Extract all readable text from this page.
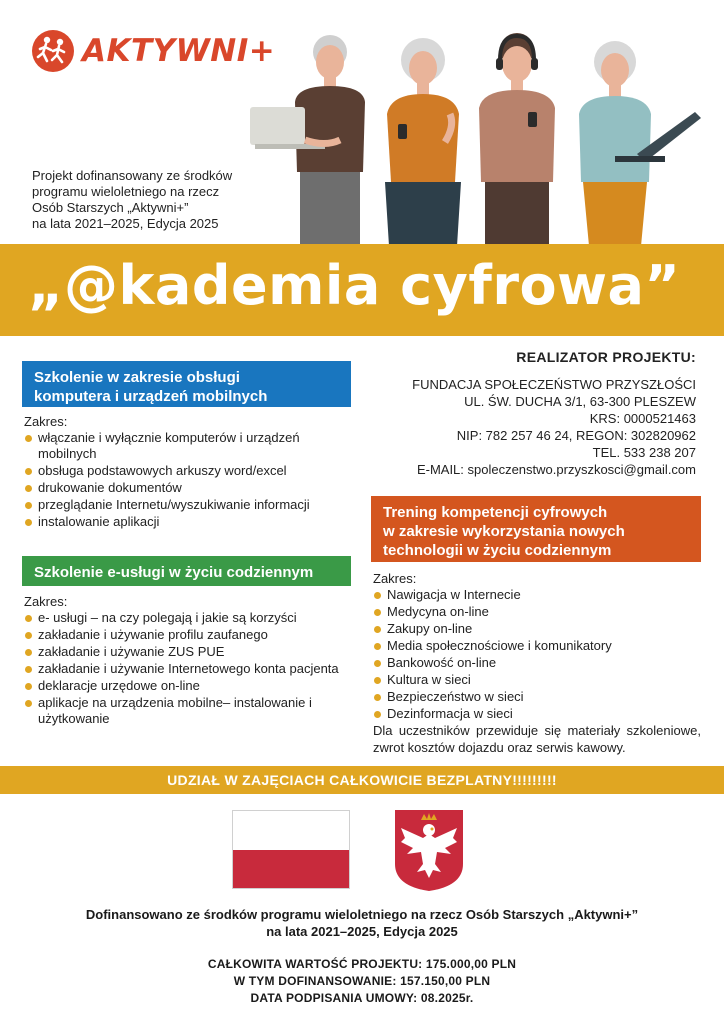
AKTYWNI+
Projekt dofinansowany ze środków
programu wieloletniego na rzecz
Osób Starszych „Aktywni+”
na lata 2021–2025, Edycja 2025
„@kademia cyfrowa”
Szkolenie w zakresie obsługi
komputera i urządzeń mobilnych
Zakres:
włączanie i wyłącznie komputerów i urządzeń mobilnych
obsługa podstawowych arkuszy word/excel
drukowanie dokumentów
przeglądanie Internetu/wyszukiwanie informacji
instalowanie aplikacji
Szkolenie e-usługi w życiu codziennym
Zakres:
e- usługi – na czy polegają i jakie są korzyści
zakładanie i używanie profilu zaufanego
zakładanie i używanie ZUS PUE
zakładanie i używanie Internetowego konta pacjenta
deklaracje urzędowe on-line
aplikacje na urządzenia mobilne– instalowanie i użytkowanie
REALIZATOR PROJEKTU:
FUNDACJA SPOŁECZEŃSTWO PRZYSZŁOŚCI
UL. ŚW. DUCHA 3/1, 63-300 PLESZEW
KRS: 0000521463
NIP: 782 257 46 24, REGON: 302820962
TEL. 533 238 207
E-MAIL: spoleczenstwo.przyszkosci@gmail.com
Trening kompetencji cyfrowych
w zakresie wykorzystania nowych
technologii w życiu codziennym
Zakres:
Nawigacja w Internecie
Medycyna on-line
Zakupy on-line
Media społecznościowe i komunikatory
Bankowość on-line
Kultura w sieci
Bezpieczeństwo w sieci
Dezinformacja w sieci
Dla uczestników przewiduje się materiały szkoleniowe, zwrot kosztów dojazdu oraz serwis kawowy.
UDZIAŁ W ZAJĘCIACH CAŁKOWICIE BEZPLATNY!!!!!!!!!
Dofinansowano ze środków programu wieloletniego na rzecz Osób Starszych „Aktywni+”
na lata 2021–2025, Edycja 2025
CAŁKOWITA WARTOŚĆ PROJEKTU: 175.000,00 PLN
W TYM DOFINANSOWANIE: 157.150,00 PLN
DATA PODPISANIA UMOWY: 08.2025r.
